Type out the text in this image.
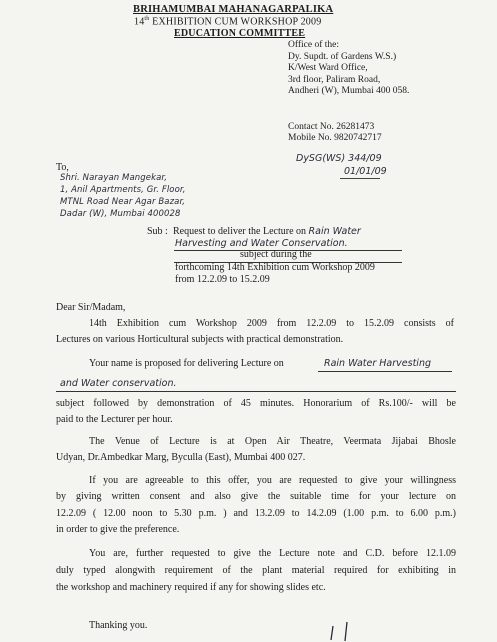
BRIHAMUMBAI MAHANAGARPALIKA
14th EXHIBITION CUM WORKSHOP 2009
EDUCATION COMMITTEE
Office of the:
Dy. Supdt. of Gardens W.S.)
K/West Ward Office,
3rd floor, Paliram Road,
Andheri (W), Mumbai 400 058.
Contact No. 26281473
Mobile No. 9820742717
DySG(WS) 344/09
01/01/09
To,
Shri. Narayan Mangekar,
1, Anil Apartments, Gr. Floor,
MTNL Road Near Agar Bazar,
Dadar (W), Mumbai 400028
Sub : Request to deliver the Lecture on Rain Water
Harvesting and Water Conservation.
subject during the
forthcoming 14th Exhibition cum Workshop 2009
from 12.2.09 to 15.2.09
Dear Sir/Madam,
14th Exhibition cum Workshop 2009 from 12.2.09 to 15.2.09 consists of
Lectures on various Horticultural subjects with practical demonstration.
Your name is proposed for delivering Lecture on	Rain Water Harvesting
and Water conservation.
subject followed by demonstration of 45 minutes. Honorarium of Rs.100/- will be
paid to the Lecturer per hour.
The Venue of Lecture is at Open Air Theatre, Veermata Jijabai Bhosle
Udyan, Dr.Ambedkar Marg, Byculla (East), Mumbai 400 027.
If you are agreeable to this offer, you are requested to give your willingness
by giving written consent and also give the suitable time for your lecture on
12.2.09 ( 12.00 noon to 5.30 p.m. ) and 13.2.09 to 14.2.09 (1.00 p.m. to 6.00 p.m.)
in order to give the preference.
You are, further requested to give the Lecture note and C.D. before 12.1.09
duly typed alongwith requirement of the plant material required for exhibiting in
the workshop and machinery required if any for showing slides etc.
Thanking you.
